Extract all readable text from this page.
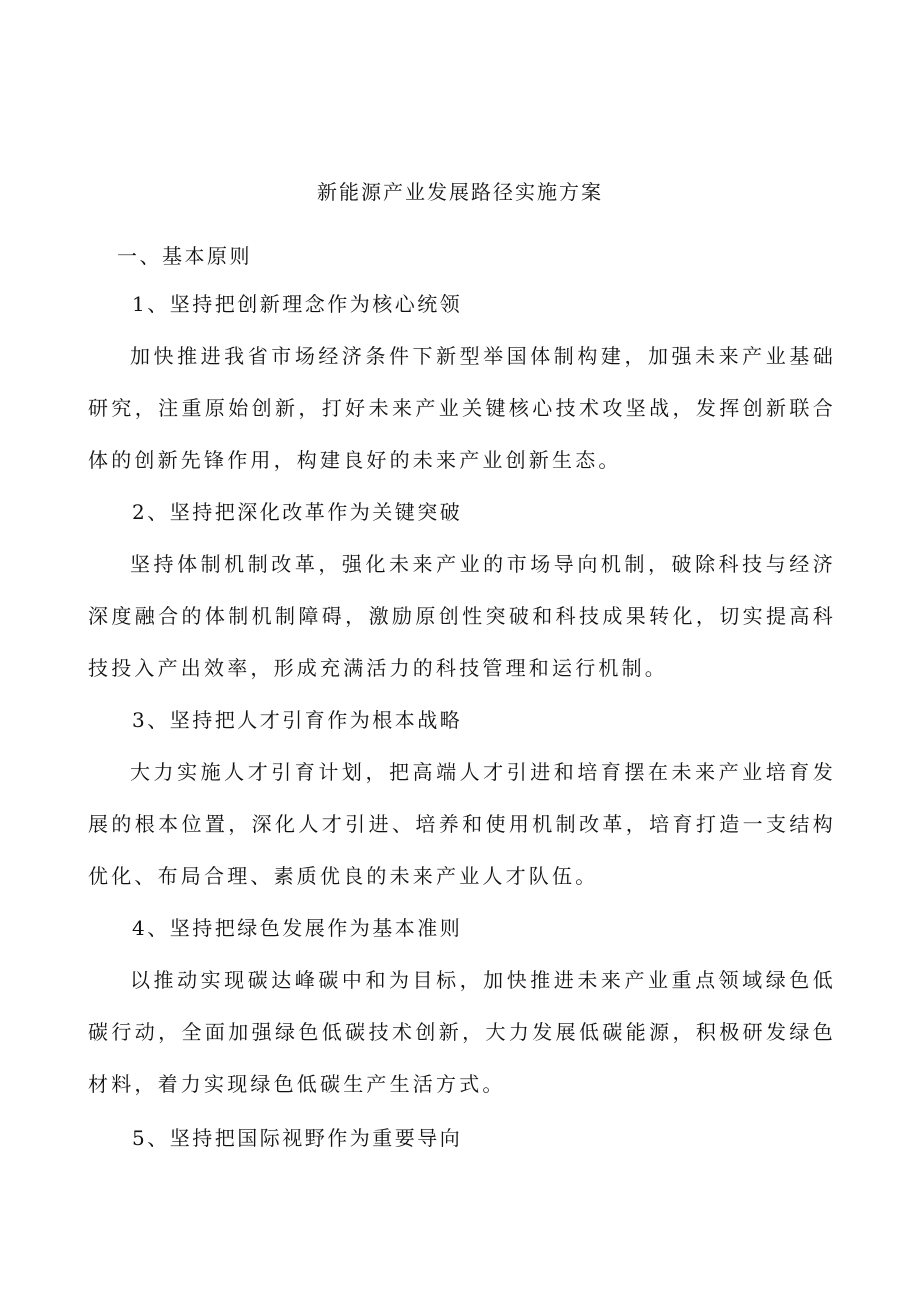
新能源产业发展路径实施方案
一、基本原则
1、坚持把创新理念作为核心统领
加快推进我省市场经济条件下新型举国体制构建，加强未来产业基础研究，注重原始创新，打好未来产业关键核心技术攻坚战，发挥创新联合体的创新先锋作用，构建良好的未来产业创新生态。
2、坚持把深化改革作为关键突破
坚持体制机制改革，强化未来产业的市场导向机制，破除科技与经济深度融合的体制机制障碍，激励原创性突破和科技成果转化，切实提高科技投入产出效率，形成充满活力的科技管理和运行机制。
3、坚持把人才引育作为根本战略
大力实施人才引育计划，把高端人才引进和培育摆在未来产业培育发展的根本位置，深化人才引进、培养和使用机制改革，培育打造一支结构优化、布局合理、素质优良的未来产业人才队伍。
4、坚持把绿色发展作为基本准则
以推动实现碳达峰碳中和为目标，加快推进未来产业重点领域绿色低碳行动，全面加强绿色低碳技术创新，大力发展低碳能源，积极研发绿色材料，着力实现绿色低碳生产生活方式。
5、坚持把国际视野作为重要导向
